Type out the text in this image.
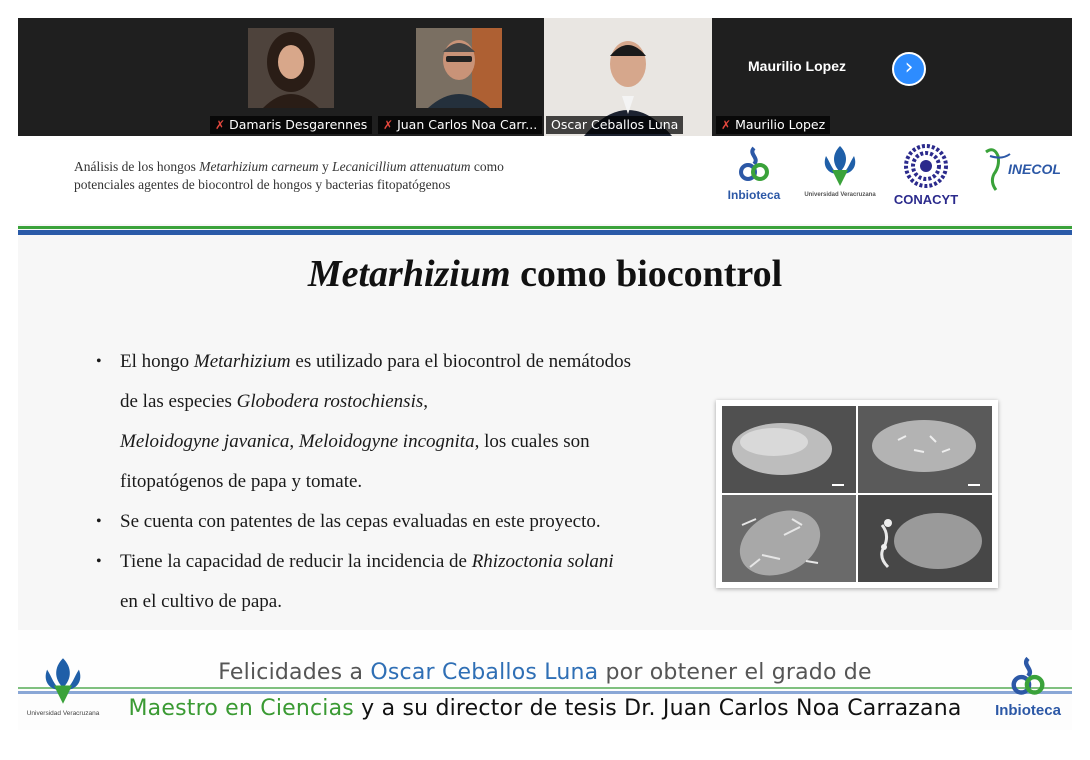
✗ Damaris Desgarennes ✗ Juan Carlos Noa Carr... Oscar Ceballos Luna
Maurilio Lopez
✗ Maurilio Lopez
›
Análisis de los hongos Metarhizium carneum y Lecanicillium attenuatum como
potenciales agentes de biocontrol de hongos y bacterias fitopatógenos
Inbioteca	Universidad Veracruzana	CONACYT
INECOL
Metarhizium como biocontrol
• El hongo Metarhizium es utilizado para el biocontrol de nemátodos de las especies Globodera rostochiensis,
Meloidogyne javanica, Meloidogyne incognita, los cuales son fitopatógenos de papa y tomate.
• Se cuenta con patentes de las cepas evaluadas en este proyecto.
• Tiene la capacidad de reducir la incidencia de Rhizoctonia solani en el cultivo de papa.
Universidad Veracruzana
Felicidades a Oscar Ceballos Luna por obtener el grado de
Maestro en Ciencias y a su director de tesis Dr. Juan Carlos Noa Carrazana	Inbioteca
